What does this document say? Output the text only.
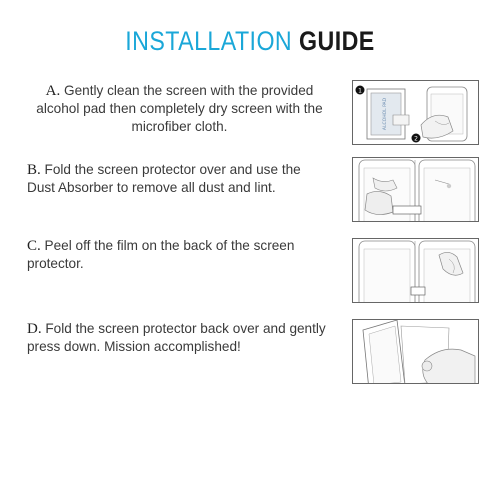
INSTALLATION GUIDE
A. Gently clean the screen with the provided alcohol pad then completely dry screen with the microfiber cloth.
B. Fold the screen protector over and use the Dust Absorber to remove all dust and lint.
C. Peel off the film on the back of the screen protector.
D. Fold the screen protector back over and gently press down. Mission accomplished!
ALCOHOL PAD
1
2
